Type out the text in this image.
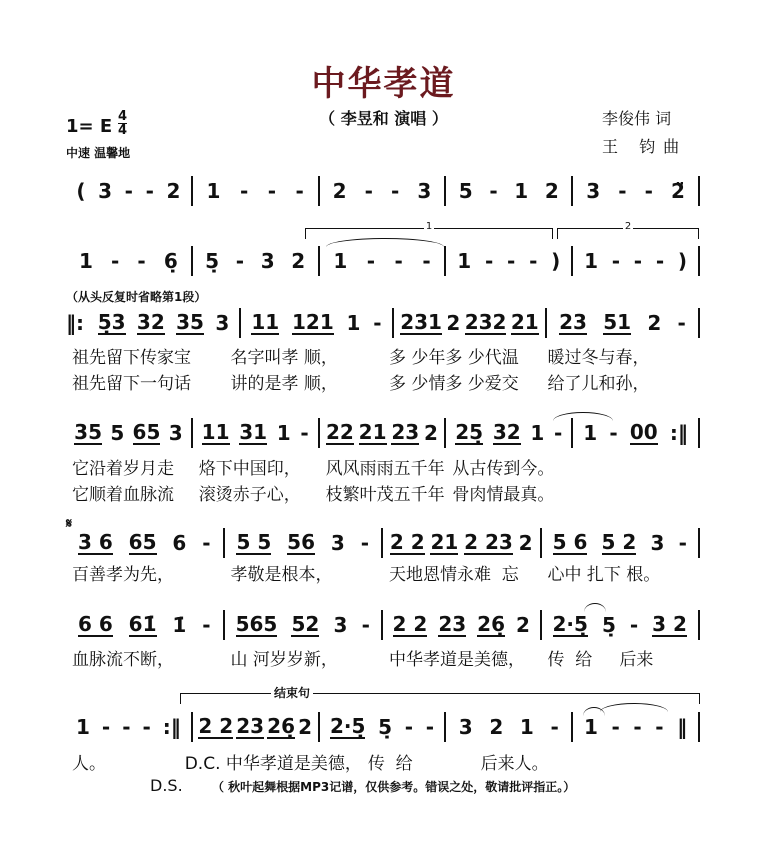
中华孝道
（ 李昱和 演唱 ）
1= E 4
4
中速 温馨地
李俊伟 词
王 钧曲
1	2
（从头反复时省略第1段）
𝄋
结束句
D.S. （ 秋叶起舞根据MP3记谱，仅供参考。错误之处，敬请批评指正。）
( 3 - - 2 1 - - - 2 - - 3 5 - 1 2 3 - - 2̈
1 - - 6̣ 5̣ - 3 2 1 - - - 1 - - - ) 1 - - - )
‖: 5̣3 32 35 3 11 121 1 - 231 2 232 21 23 51 2 -
祖先留下传家宝	名字叫孝 顺，	多 少年多 少代温	暖过冬与春，
祖先留下一句话	讲的是孝 顺，	多 少情多 少爱交	给了儿和孙，
35 5 65 3 11 31 1 - 22 21 23 2 25̣ 32 1 - 1 - 00 :‖
它沿着岁月走	烙下中国印，	风风雨雨五千年 从古传到今。
它顺着血脉流	滚烫赤子心，	枝繁叶茂五千年 骨肉情最真。
3 6 65 6 - 5 5 56 3 - 2 2 21 2 23 2 5 6 5 2 3 -
百善孝为先，	孝敬是根本，	天地恩情永难  忘	心中 扎下 根。
6 6 61̇ 1̇ - 565 52 3 - 2 2 23 26̣ 2 2·5̣ 5̣ - 3 2
血脉流不断，	山 河岁岁新，	中华孝道是美德，	传  给     后来
1 - - - :‖ 2 2 23 26̣ 2 2·5̣ 5̣ - - 3 2 1 - 1 - - - ‖
人。	D.C. 中华孝道是美德， 传  给	后来人。
